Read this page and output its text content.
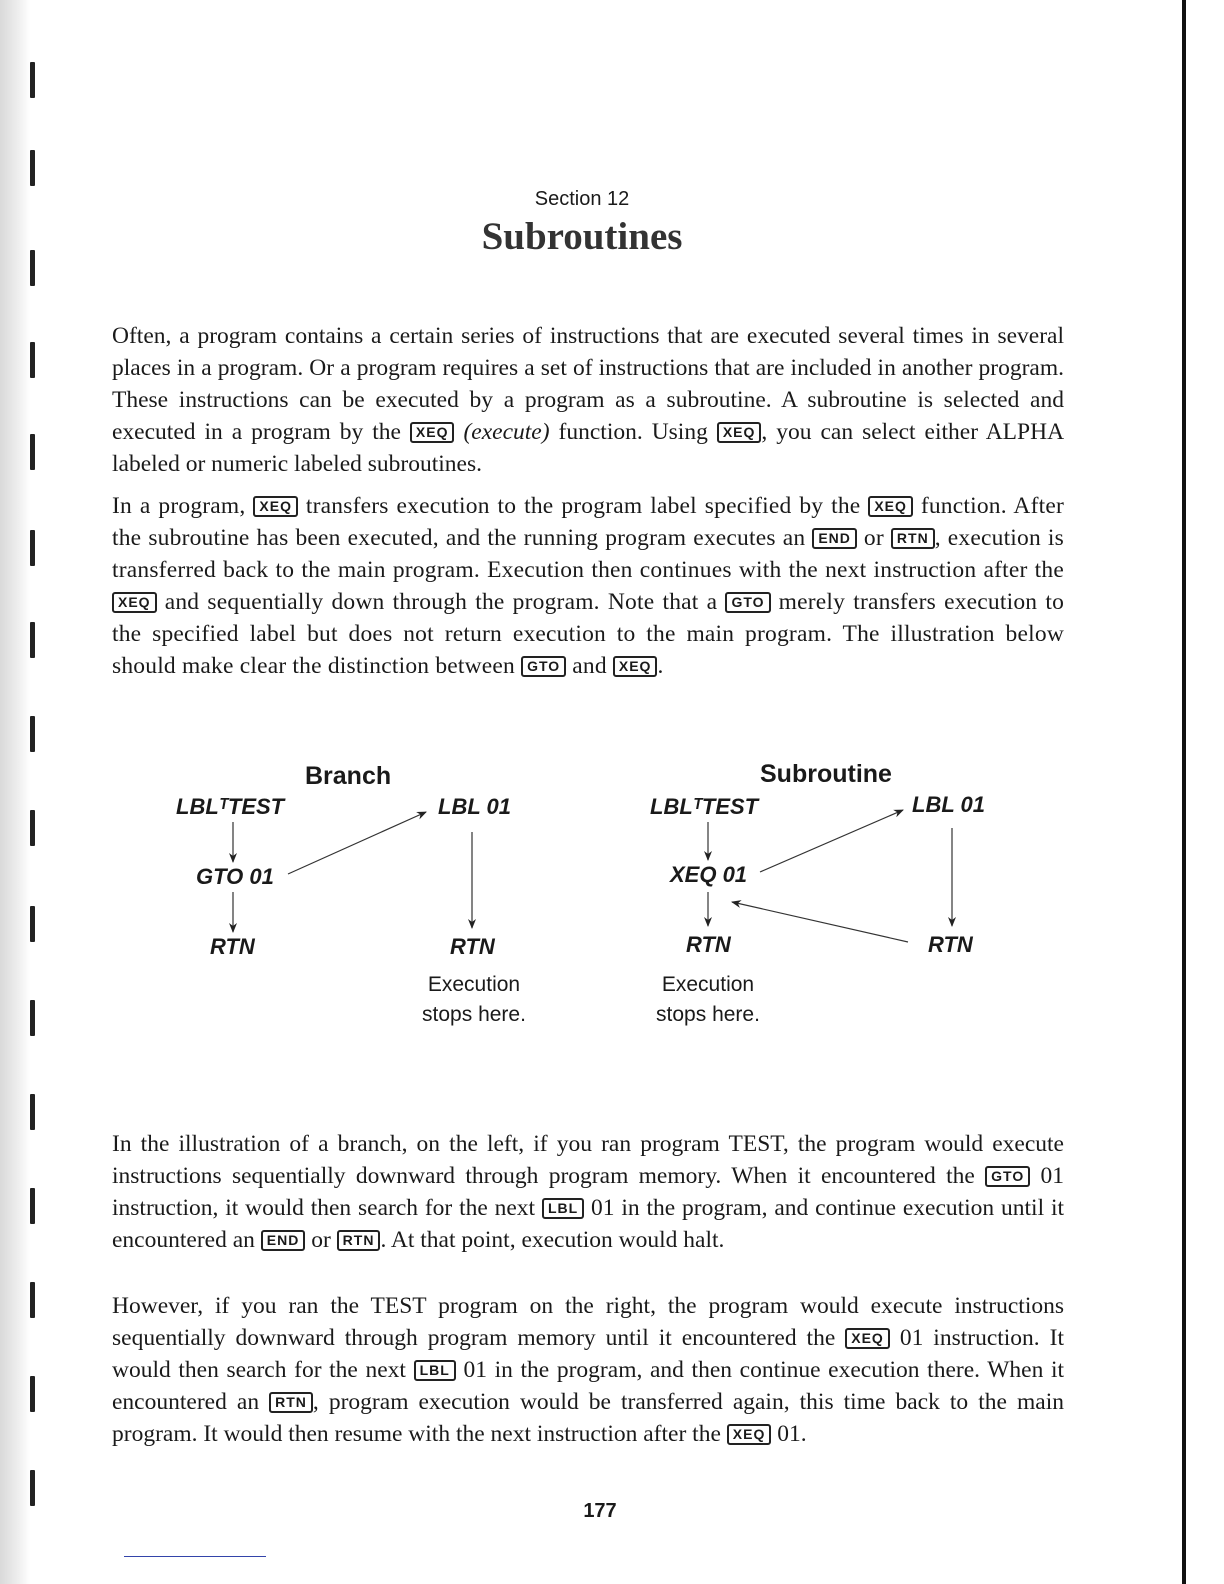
Section 12
Subroutines
Often, a program contains a certain series of instructions that are executed several times in several places in a program. Or a program requires a set of instructions that are included in another program. These instructions can be executed by a program as a subroutine. A subroutine is selected and executed in a program by the XEQ (execute) function. Using XEQ , you can select either ALPHA labeled or numeric labeled subroutines.
In a program, XEQ transfers execution to the program label specified by the XEQ function. After the subroutine has been executed, and the running program executes an END or RTN , execution is transferred back to the main program. Execution then continues with the next instruction after the XEQ and sequentially down through the program. Note that a GTO merely transfers execution to the specified label but does not return execution to the main program. The illustration below should make clear the distinction between GTO and XEQ .
Branch	Subroutine
LBLᵀTEST
GTO 01
RTN
LBL 01
RTN
Execution
stops here.
LBLᵀTEST
XEQ 01
RTN
LBL 01
RTN
Execution
stops here.
In the illustration of a branch, on the left, if you ran program TEST, the program would execute instructions sequentially downward through program memory. When it encountered the GTO 01 instruction, it would then search for the next LBL 01 in the program, and continue execution until it encountered an END or RTN . At that point, execution would halt.
However, if you ran the TEST program on the right, the program would execute instructions sequentially downward through program memory until it encountered the XEQ 01 instruction. It would then search for the next LBL 01 in the program, and then continue execution there. When it encountered an RTN , program execution would be transferred again, this time back to the main program. It would then resume with the next instruction after the XEQ 01.
177
